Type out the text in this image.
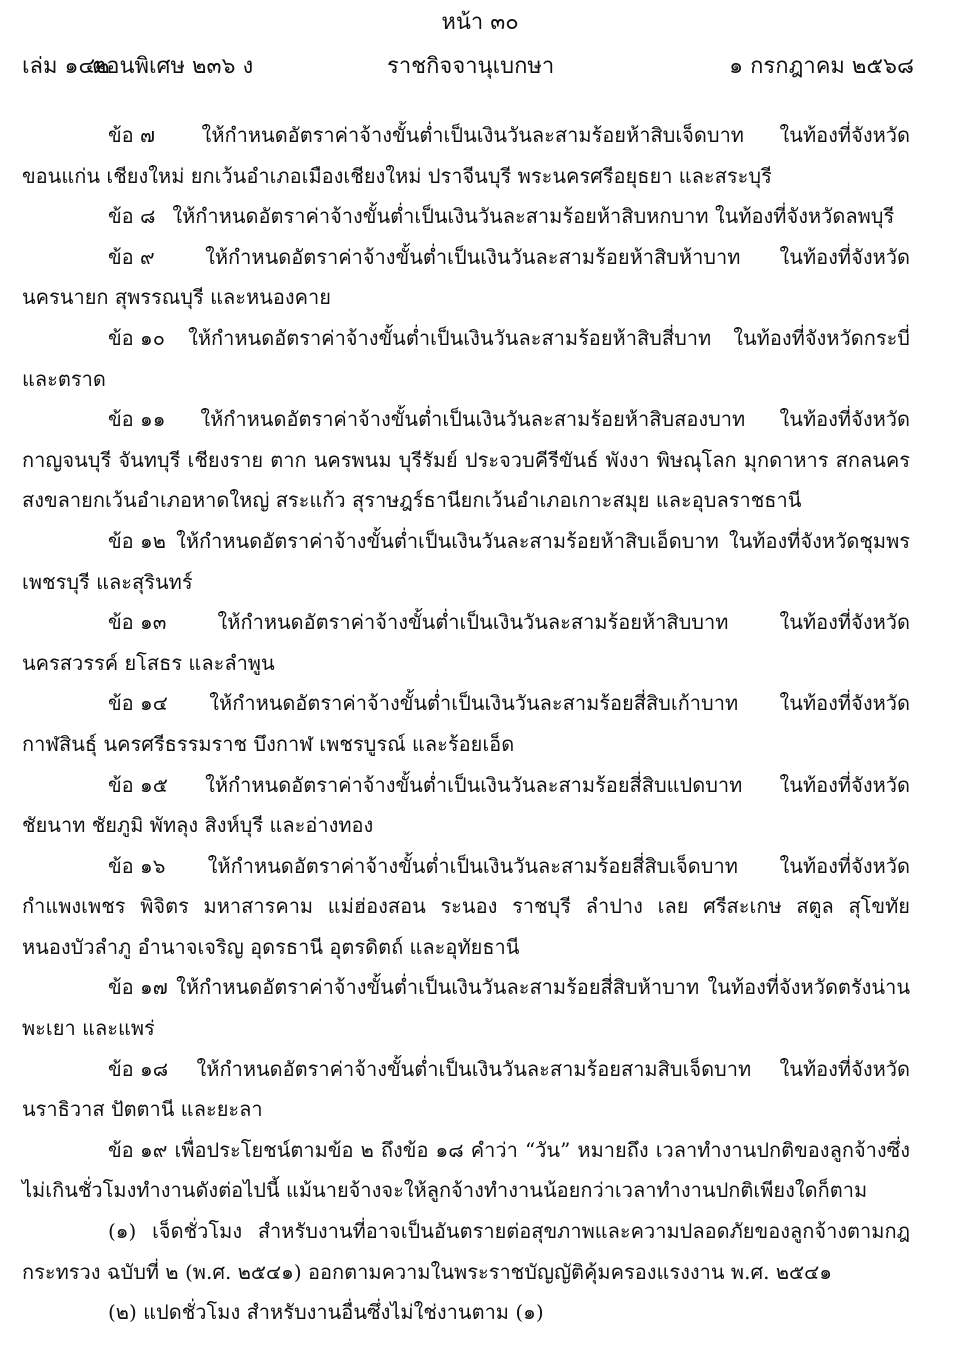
หน้า ๓๐
เล่ม ๑๔๒
ตอนพิเศษ ๒๓๖ ง	ราชกิจจานุเบกษา	๑ กรกฎาคม ๒๕๖๘

ข้อ ๗ ให้กำหนดอัตราค่าจ้างขั้นต่ำเป็นเงินวันละสามร้อยห้าสิบเจ็ดบาท ในท้องที่จังหวัดขอนแก่น เชียงใหม่ ยกเว้นอำเภอเมืองเชียงใหม่ ปราจีนบุรี พระนครศรีอยุธยา และสระบุรี

ข้อ ๘ ให้กำหนดอัตราค่าจ้างขั้นต่ำเป็นเงินวันละสามร้อยห้าสิบหกบาท ในท้องที่จังหวัดลพบุรี

ข้อ ๙	ให้กำหนดอัตราค่าจ้างขั้นต่ำเป็นเงินวันละสามร้อยห้าสิบห้าบาท ในท้องที่จังหวัดนครนายก สุพรรณบุรี และหนองคาย

ข้อ ๑๐ ให้กำหนดอัตราค่าจ้างขั้นต่ำเป็นเงินวันละสามร้อยห้าสิบสี่บาท ในท้องที่จังหวัดกระบี่และตราด

ข้อ ๑๑ ให้กำหนดอัตราค่าจ้างขั้นต่ำเป็นเงินวันละสามร้อยห้าสิบสองบาท ในท้องที่จังหวัดกาญจนบุรี จันทบุรี เชียงราย ตาก นครพนม บุรีรัมย์ ประจวบคีรีขันธ์ พังงา พิษณุโลก มุกดาหาร สกลนคร สงขลายกเว้นอำเภอหาดใหญ่ สระแก้ว สุราษฎร์ธานียกเว้นอำเภอเกาะสมุย และอุบลราชธานี

ข้อ ๑๒ ให้กำหนดอัตราค่าจ้างขั้นต่ำเป็นเงินวันละสามร้อยห้าสิบเอ็ดบาท ในท้องที่จังหวัดชุมพร เพชรบุรี และสุรินทร์

ข้อ ๑๓	ให้กำหนดอัตราค่าจ้างขั้นต่ำเป็นเงินวันละสามร้อยห้าสิบบาท ในท้องที่จังหวัดนครสวรรค์ ยโสธร และลำพูน

ข้อ ๑๔ ให้กำหนดอัตราค่าจ้างขั้นต่ำเป็นเงินวันละสามร้อยสี่สิบเก้าบาท ในท้องที่จังหวัดกาฬสินธุ์ นครศรีธรรมราช บึงกาฬ เพชรบูรณ์ และร้อยเอ็ด

ข้อ ๑๕ ให้กำหนดอัตราค่าจ้างขั้นต่ำเป็นเงินวันละสามร้อยสี่สิบแปดบาท ในท้องที่จังหวัดชัยนาท ชัยภูมิ พัทลุง สิงห์บุรี และอ่างทอง

ข้อ ๑๖ ให้กำหนดอัตราค่าจ้างขั้นต่ำเป็นเงินวันละสามร้อยสี่สิบเจ็ดบาท ในท้องที่จังหวัดกำแพงเพชร พิจิตร มหาสารคาม แม่ฮ่องสอน ระนอง ราชบุรี ลำปาง เลย ศรีสะเกษ สตูล สุโขทัย หนองบัวลำภู อำนาจเจริญ อุดรธานี อุตรดิตถ์ และอุทัยธานี

ข้อ ๑๗ ให้กำหนดอัตราค่าจ้างขั้นต่ำเป็นเงินวันละสามร้อยสี่สิบห้าบาท ในท้องที่จังหวัดตรังน่าน พะเยา และแพร่

ข้อ ๑๘ ให้กำหนดอัตราค่าจ้างขั้นต่ำเป็นเงินวันละสามร้อยสามสิบเจ็ดบาท ในท้องที่จังหวัดนราธิวาส ปัตตานี และยะลา

ข้อ ๑๙ เพื่อประโยชน์ตามข้อ ๒ ถึงข้อ ๑๘ คำว่า “วัน” หมายถึง เวลาทำงานปกติของลูกจ้างซึ่งไม่เกินชั่วโมงทำงานดังต่อไปนี้ แม้นายจ้างจะให้ลูกจ้างทำงานน้อยกว่าเวลาทำงานปกติเพียงใดก็ตาม

(๑) เจ็ดชั่วโมง สำหรับงานที่อาจเป็นอันตรายต่อสุขภาพและความปลอดภัยของลูกจ้างตามกฎกระทรวง ฉบับที่ ๒ (พ.ศ. ๒๕๔๑) ออกตามความในพระราชบัญญัติคุ้มครองแรงงาน พ.ศ. ๒๕๔๑

(๒) แปดชั่วโมง สำหรับงานอื่นซึ่งไม่ใช่งานตาม (๑)
